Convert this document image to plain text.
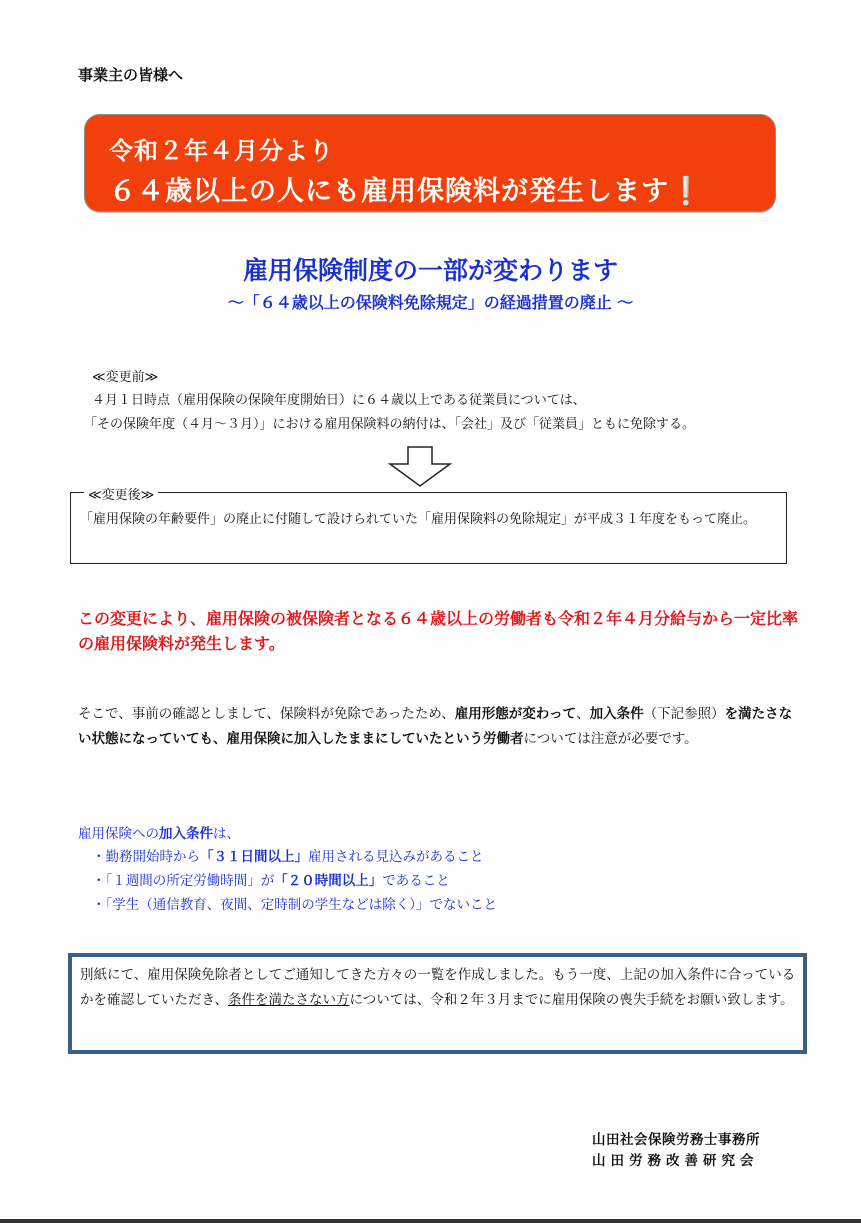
事業主の皆様へ
令和２年４月分より
６４歳以上の人にも雇用保険料が発生します❕
雇用保険制度の一部が変わります
～「６４歳以上の保険料免除規定」の経過措置の廃止 ～
≪変更前≫
４月１日時点（雇用保険の保険年度開始日）に６４歳以上である従業員については、
「その保険年度（４月～３月）」における雇用保険料の納付は、「会社」及び「従業員」ともに免除する。
≪変更後≫
「雇用保険の年齢要件」の廃止に付随して設けられていた「雇用保険料の免除規定」が平成３１年度をもって廃止。
この変更により、雇用保険の被保険者となる６４歳以上の労働者も令和２年４月分給与から一定比率の雇用保険料が発生します。
そこで、事前の確認としまして、保険料が免除であったため、雇用形態が変わって、加入条件（下記参照）を満たさない状態になっていても、雇用保険に加入したままにしていたという労働者については注意が必要です。
雇用保険への加入条件は、
・勤務開始時から「３１日間以上」雇用される見込みがあること
・「１週間の所定労働時間」が「２０時間以上」であること
・「学生（通信教育、夜間、定時制の学生などは除く）」でないこと
別紙にて、雇用保険免除者としてご通知してきた方々の一覧を作成しました。もう一度、上記の加入条件に合っているかを確認していただき、条件を満たさない方については、令和２年３月までに雇用保険の喪失手続をお願い致します。
山田社会保険労務士事務所
山田労務改善研究会
